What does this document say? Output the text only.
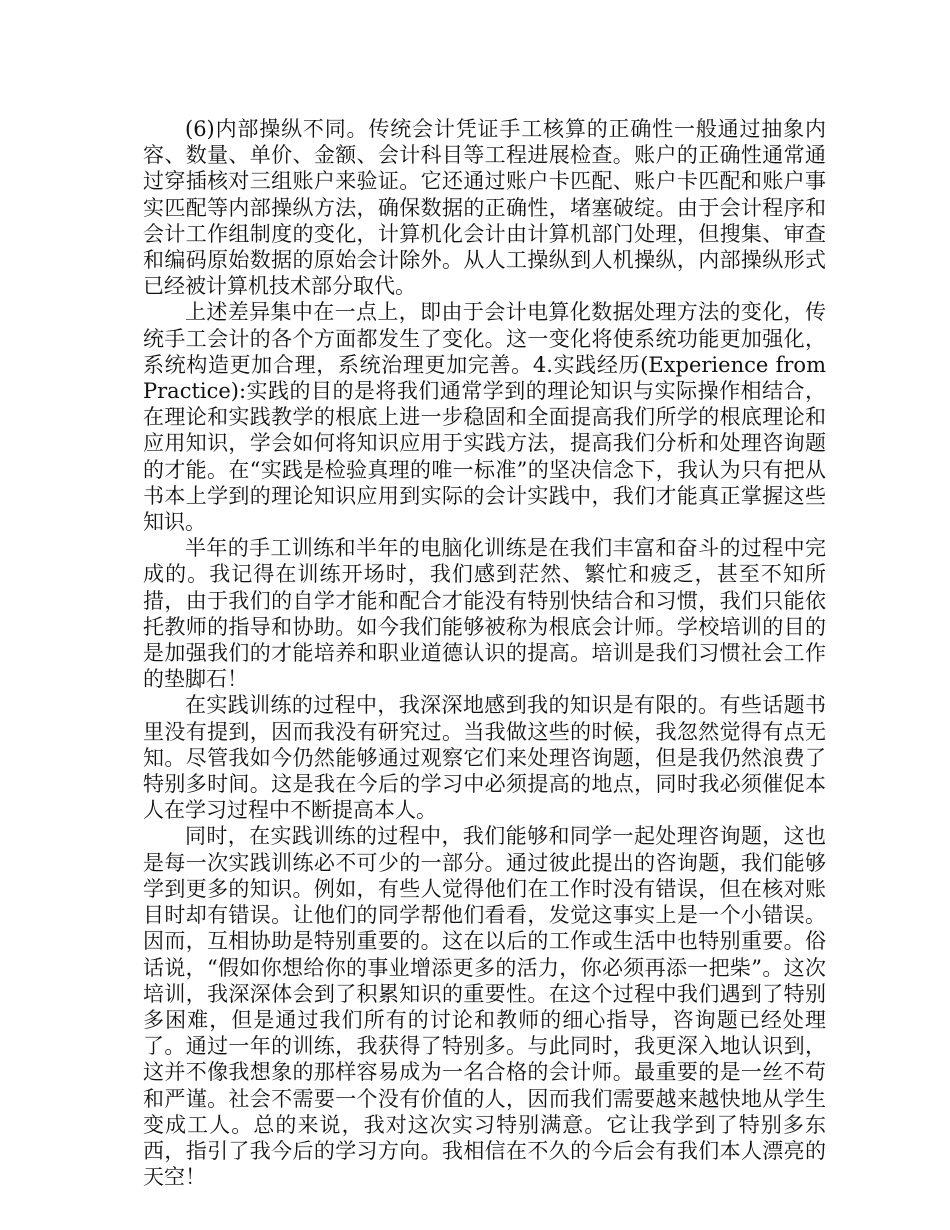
(6)内部操纵不同。传统会计凭证手工核算的正确性一般通过抽象内容、数量、单价、金额、会计科目等工程进展检查。账户的正确性通常通过穿插核对三组账户来验证。它还通过账户卡匹配、账户卡匹配和账户事实匹配等内部操纵方法，确保数据的正确性，堵塞破绽。由于会计程序和会计工作组制度的变化，计算机化会计由计算机部门处理，但搜集、审查和编码原始数据的原始会计除外。从人工操纵到人机操纵，内部操纵形式已经被计算机技术部分取代。

上述差异集中在一点上，即由于会计电算化数据处理方法的变化，传统手工会计的各个方面都发生了变化。这一变化将使系统功能更加强化，系统构造更加合理，系统治理更加完善。4.实践经历(Experience from Practice):实践的目的是将我们通常学到的理论知识与实际操作相结合，在理论和实践教学的根底上进一步稳固和全面提高我们所学的根底理论和应用知识，学会如何将知识应用于实践方法，提高我们分析和处理咨询题的才能。在“实践是检验真理的唯一标准”的坚决信念下，我认为只有把从书本上学到的理论知识应用到实际的会计实践中，我们才能真正掌握这些知识。

半年的手工训练和半年的电脑化训练是在我们丰富和奋斗的过程中完成的。我记得在训练开场时，我们感到茫然、繁忙和疲乏，甚至不知所措，由于我们的自学才能和配合才能没有特别快结合和习惯，我们只能依托教师的指导和协助。如今我们能够被称为根底会计师。学校培训的目的是加强我们的才能培养和职业道德认识的提高。培训是我们习惯社会工作的垫脚石！

在实践训练的过程中，我深深地感到我的知识是有限的。有些话题书里没有提到，因而我没有研究过。当我做这些的时候，我忽然觉得有点无知。尽管我如今仍然能够通过观察它们来处理咨询题，但是我仍然浪费了特别多时间。这是我在今后的学习中必须提高的地点，同时我必须催促本人在学习过程中不断提高本人。

同时，在实践训练的过程中，我们能够和同学一起处理咨询题，这也是每一次实践训练必不可少的一部分。通过彼此提出的咨询题，我们能够学到更多的知识。例如，有些人觉得他们在工作时没有错误，但在核对账目时却有错误。让他们的同学帮他们看看，发觉这事实上是一个小错误。因而，互相协助是特别重要的。这在以后的工作或生活中也特别重要。俗话说，“假如你想给你的事业增添更多的活力，你必须再添一把柴”。这次培训，我深深体会到了积累知识的重要性。在这个过程中我们遇到了特别多困难，但是通过我们所有的讨论和教师的细心指导，咨询题已经处理了。通过一年的训练，我获得了特别多。与此同时，我更深入地认识到，这并不像我想象的那样容易成为一名合格的会计师。最重要的是一丝不苟和严谨。社会不需要一个没有价值的人，因而我们需要越来越快地从学生变成工人。总的来说，我对这次实习特别满意。它让我学到了特别多东西，指引了我今后的学习方向。我相信在不久的今后会有我们本人漂亮的天空！
